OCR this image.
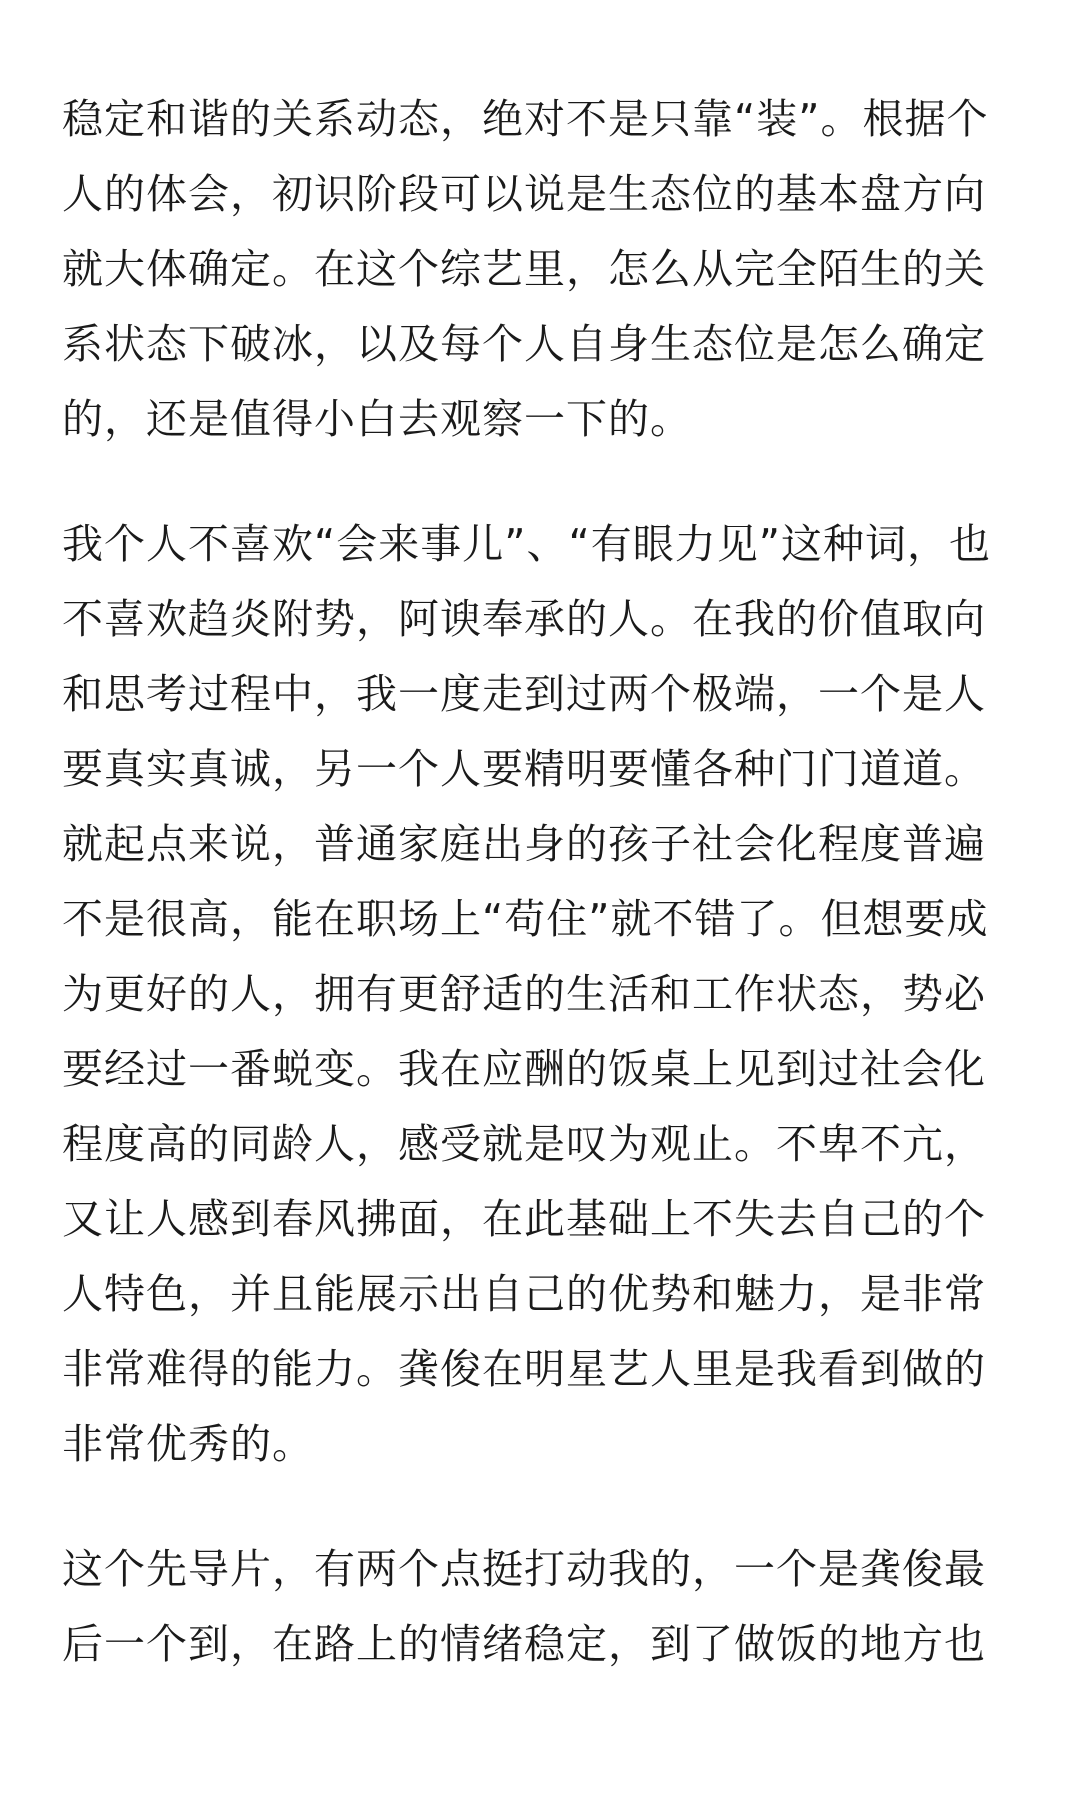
稳定和谐的关系动态，绝对不是只靠“装”。根据个
人的体会，初识阶段可以说是生态位的基本盘方向
就大体确定。在这个综艺里，怎么从完全陌生的关
系状态下破冰，以及每个人自身生态位是怎么确定
的，还是值得小白去观察一下的。

我个人不喜欢“会来事儿”、“有眼力见”这种词，也
不喜欢趋炎附势，阿谀奉承的人。在我的价值取向
和思考过程中，我一度走到过两个极端，一个是人
要真实真诚，另一个人要精明要懂各种门门道道。
就起点来说，普通家庭出身的孩子社会化程度普遍
不是很高，能在职场上“苟住”就不错了。但想要成
为更好的人，拥有更舒适的生活和工作状态，势必
要经过一番蜕变。我在应酬的饭桌上见到过社会化
程度高的同龄人，感受就是叹为观止。不卑不亢，
又让人感到春风拂面，在此基础上不失去自己的个
人特色，并且能展示出自己的优势和魅力，是非常
非常难得的能力。龚俊在明星艺人里是我看到做的
非常优秀的。

这个先导片，有两个点挺打动我的，一个是龚俊最
后一个到，在路上的情绪稳定，到了做饭的地方也
